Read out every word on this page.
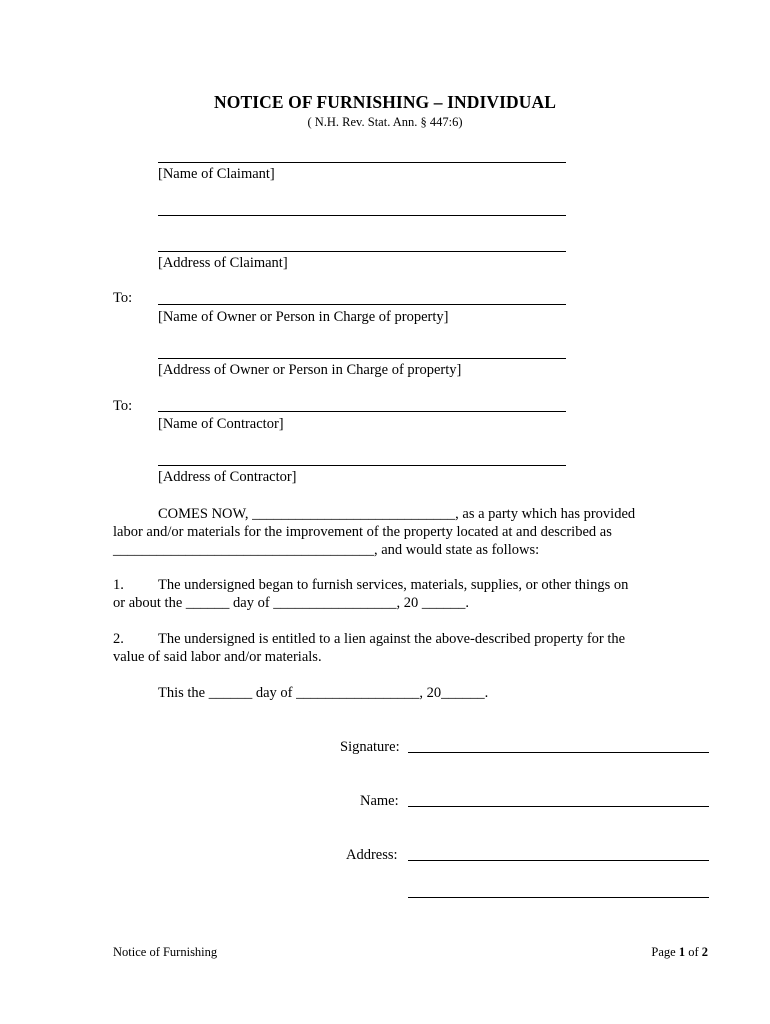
NOTICE OF FURNISHING – INDIVIDUAL
( N.H. Rev. Stat. Ann. § 447:6)
[Name of Claimant]
[Address of Claimant]
To:
[Name of Owner or Person in Charge of property]
[Address of Owner or Person in Charge of property]
To:
[Name of Contractor]
[Address of Contractor]
COMES NOW, ____________________________, as a party which has provided
labor and/or materials for the improvement of the property located at and described as
____________________________________, and would state as follows:
1. The undersigned began to furnish services, materials, supplies, or other things on
or about the ______ day of _________________, 20 ______.
2. The undersigned is entitled to a lien against the above-described property for the
value of said labor and/or materials.
This the ______ day of _________________, 20______.
Signature:
Name:
Address:
Notice of Furnishing	Page 1 of 2
